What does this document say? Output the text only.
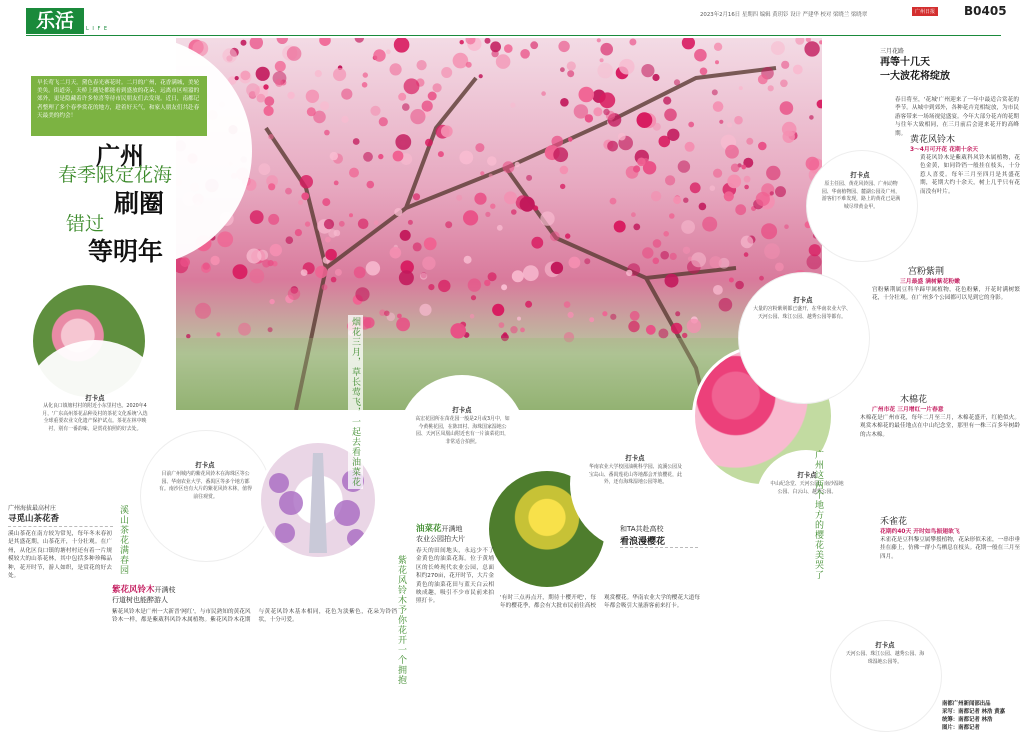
乐活	L I F E
2023年2月16日 星期四 编辑 黄玥钐 设计 严建华 校对 梁晓兰 梁晓翠	广州日报 B0405
早长莺飞二月天，黛色春光赛花时。二月的广州，花香满城，美轮美奂。街道旁，天桥上随处都能看到盛放的花朵，远离市区喧嚣的郊外，更是隐藏着许多惊喜等待市民朋友们去发现。近日，南都记者整理了多个春季赏花的地方，趁着好天气，和家人朋友们共赴春天最美的约会！
广州
春季限定花海
刷圈
错过
等明年
打卡点
从化良口镇塘村村的附近小东里村也。2020年4月，'广东高州茶花品种及村的茶花文化系统'入选全球重要农业文化遗产保护试点。茶花在林中映衬，别有一番韵味，是赏花拍照的好去处。
广州海拔最高村庄
寻觅山茶花香
溪山茶花在南方较为常见，每年冬末春初是其盛花期，山茶花开，十分壮观。在广州，从化区良口镇的塘村村还有着一片规模较大的山茶花林，其中包括多种珍稀品种，花开时节，游人如织，是赏花的好去处。
溪山茶花满春园
打卡点
目前广州城内的紫花风铃木在海珠区等公园、华南农业大学、番禺区等多个地方都有。南沙区也有大片的紫花风铃木林，值得前往观赏。
紫花风铃木开满枝
行道树也能醉游人
紫花风铃木是广州一大新晋'网红'，与市民熟知的黄花风铃木一样，都是紫葳科风铃木属植物。紫花风铃木花期与黄花风铃木基本相同，花色为淡紫色，花朵为铃铛状，十分可爱。	紫花风铃木予你花开一个拥抱
烟花三月，草长莺飞，一起去看油菜花	打卡点
高宏花园所在苗花园一般是2月或3月中，如今黄桃花园，在陈田村、海珠国家湿地公园、天河区凤凰山附近也有一片油菜花田，非常适合拍照。
油菜花开满地
农业公园拍大片
春天的田间地头，永远少不了金黄色的油菜花海。位于黄埔区的长岭现代农业公园，总面积约270亩，花开时节，大片金黄色的油菜花田与蓝天白云相映成趣，吸引不少市民前来拍照打卡。
打卡点
华南农业大学校园油桃科学园、流溪公园及宝岛山、番禺莲花山等地都会开放樱花，此外，还有海珠湿地公园等地。
和TA共赴高校
看浪漫樱花
'有时三点再点开，期待十樱开吧'，每年的樱花季，都会有大批市民前往高校观赏樱花。华南农业大学的樱花大道每年都会吸引大量游客前来打卡。
打卡点
中山纪念堂、天河公园、南沙湿地公园、白云山、越秀公园。
广州这两个地方的樱花美哭了
打卡点
原主任园、黄花风铃园、广州动物园、华南植物园、麓湖公园及广州，游客们不难发现，路上的黄花已是满城尽带黄金甲。
打卡点
大量的宫粉紫荆都已盛开，在华南农业大学、天河公园、珠江公园、越秀公园等都有。
打卡点
天河公园、珠江公园、越秀公园、海珠湿地公园等。
三月花路
再等十几天
一大波花将绽放
春日将至，'花城'广州迎来了一年中最适合赏花的季节。从城中到郊外，各种花卉竞相绽放，为市民游客带来一场场视觉盛宴。今年大部分花卉的花期与往年大致相同，在三月前后会迎来花开的高峰期。
黄花风铃木
3～4月可开花 花期十余天
黄花风铃木是紫葳科风铃木属植物，花色金黄，如同铃铛一般挂在枝头，十分惹人喜爱。每年三月至四月是其盛花期，花期大约十余天，树上几乎只有花而没有叶片。
宫粉紫荆
三月最盛 满树紫花粉嫩
宫粉紫荆属豆科羊蹄甲属植物，花色粉紫，开花时满树繁花，十分壮观。在广州多个公园都可以见到它的身影。
木棉花
广州市花 三月增红一片春意
木棉花是广州市花，每年二月至三月，木棉花盛开，红艳似火。观赏木棉花的最佳地点在中山纪念堂，那里有一株三百多年树龄的古木棉。
禾雀花
花期约40天 开时如鸟振翅欲飞
禾雀花是豆科黎豆属攀援植物，花朵形似禾雀，一串串垂挂在藤上，仿佛一群小鸟栖息在枝头。花期一般在三月至四月。
南都广州新闻部出品
采写：南都记者 林浩 黄嘉
统筹：南都记者 林浩
图片：南都记者
